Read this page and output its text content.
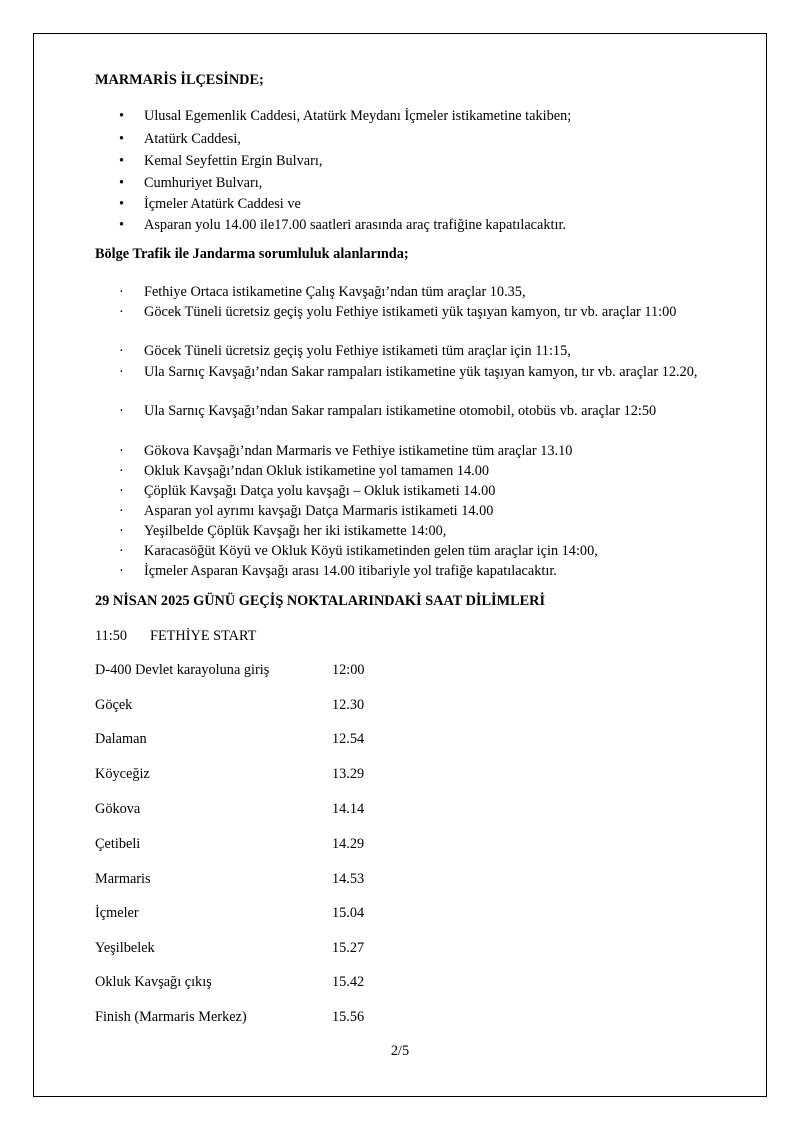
MARMARİS İLÇESİNDE;
• Ulusal Egemenlik Caddesi, Atatürk Meydanı İçmeler istikametine takiben;
• Atatürk Caddesi,
• Kemal Seyfettin Ergin Bulvarı,
• Cumhuriyet Bulvarı,
• İçmeler Atatürk Caddesi ve
• Asparan yolu 14.00 ile17.00 saatleri arasında araç trafiğine kapatılacaktır.
Bölge Trafik ile Jandarma sorumluluk alanlarında;
· Fethiye Ortaca istikametine Çalış Kavşağı’ndan tüm araçlar 10.35,
· Göcek Tüneli ücretsiz geçiş yolu Fethiye istikameti yük taşıyan kamyon, tır vb. araçlar 11:00
· Göcek Tüneli ücretsiz geçiş yolu Fethiye istikameti tüm araçlar için 11:15,
· Ula Sarnıç Kavşağı’ndan Sakar rampaları istikametine yük taşıyan kamyon, tır vb. araçlar 12.20,
· Ula Sarnıç Kavşağı’ndan Sakar rampaları istikametine otomobil, otobüs vb. araçlar 12:50
· Gökova Kavşağı’ndan Marmaris ve Fethiye istikametine tüm araçlar 13.10
· Okluk Kavşağı’ndan Okluk istikametine yol tamamen 14.00
· Çöplük Kavşağı Datça yolu kavşağı – Okluk istikameti 14.00
· Asparan yol ayrımı kavşağı Datça Marmaris istikameti 14.00
· Yeşilbelde Çöplük Kavşağı her iki istikamette 14:00,
· Karacasöğüt Köyü ve Okluk Köyü istikametinden gelen tüm araçlar için 14:00,
· İçmeler Asparan Kavşağı arası 14.00 itibariyle yol trafiğe kapatılacaktır.
29 NİSAN 2025 GÜNÜ GEÇİŞ NOKTALARINDAKİ SAAT DİLİMLERİ
11:50 FETHİYE START
D-400 Devlet karayoluna giriş	12:00
Göçek	12.30
Dalaman	12.54
Köyceğiz	13.29
Gökova	14.14
Çetibeli	14.29
Marmaris	14.53
İçmeler	15.04
Yeşilbelek	15.27
Okluk Kavşağı çıkış	15.42
Finish (Marmaris Merkez)	15.56
2/5
